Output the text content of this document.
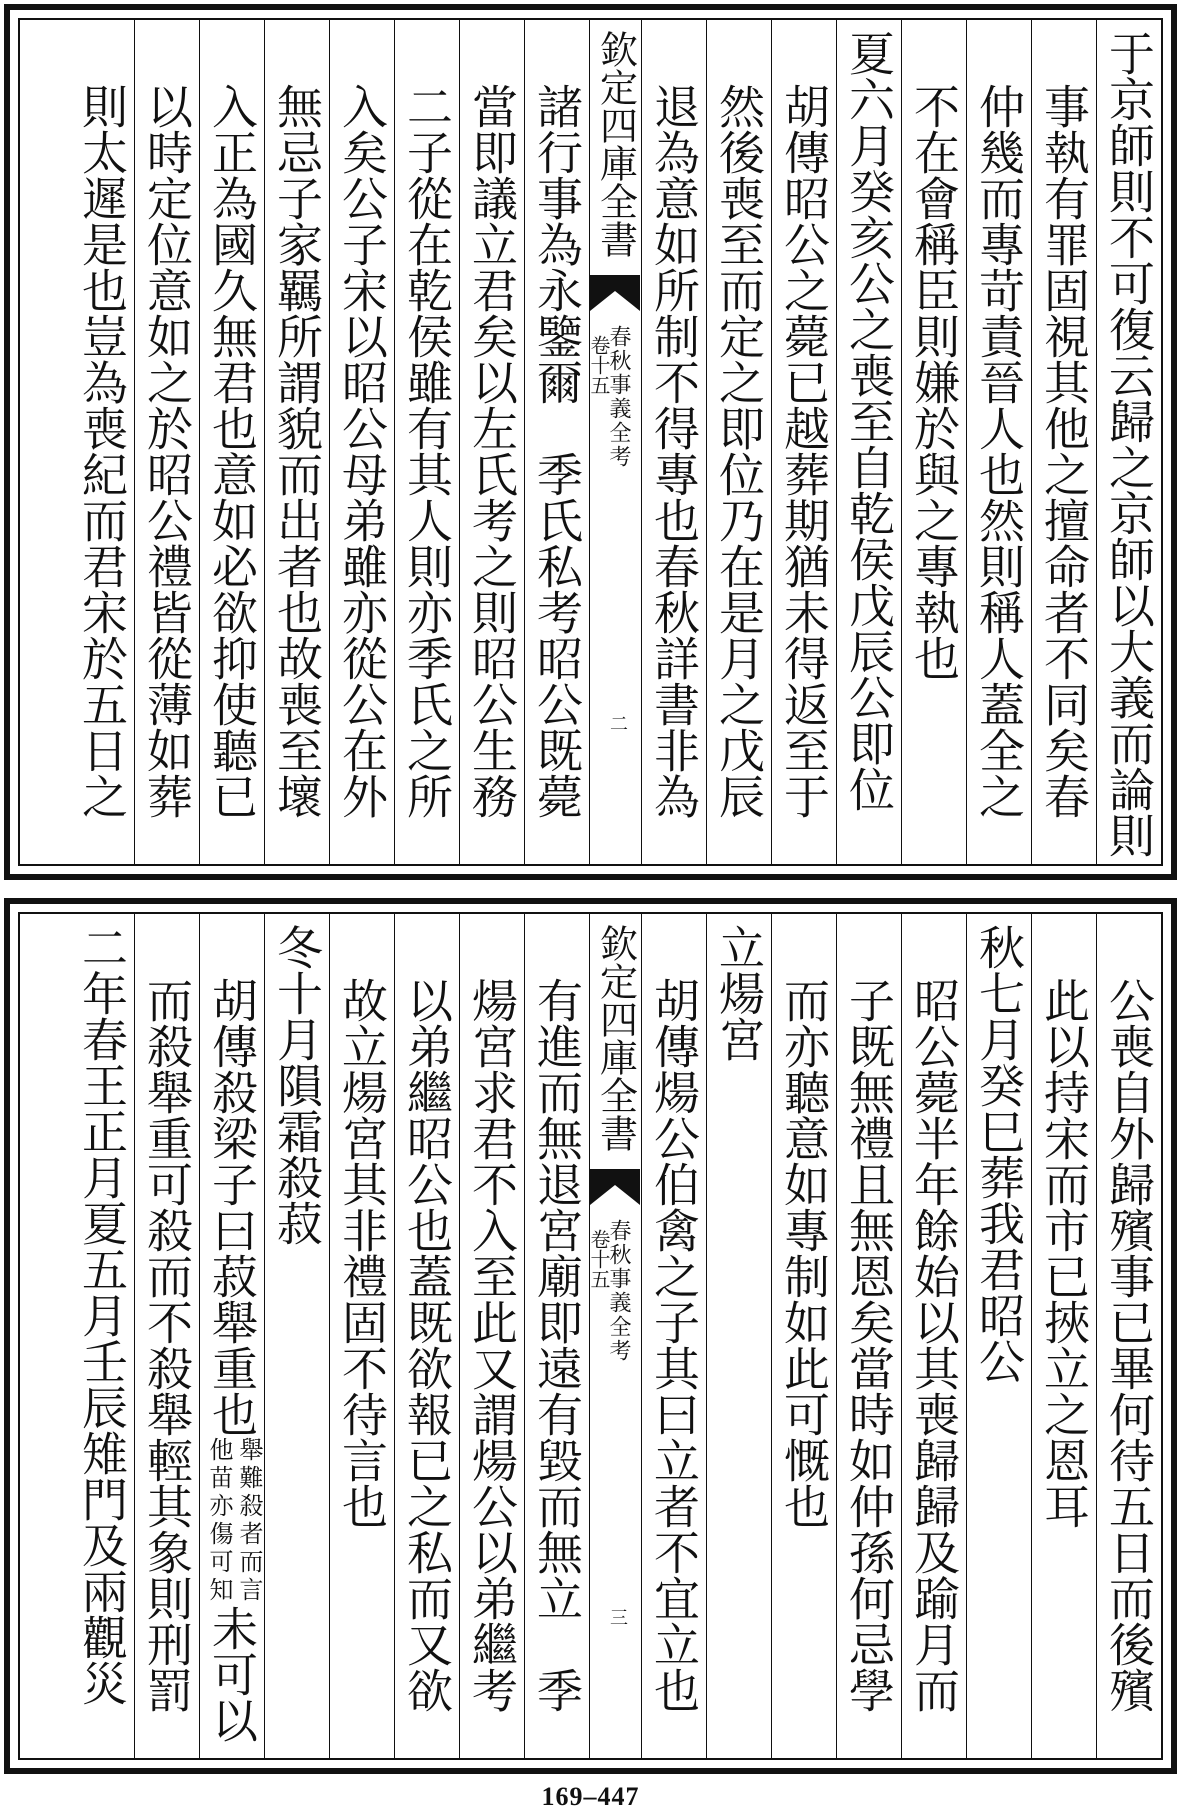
于京師則不可復云歸之京師以大義而論則
事執有罪固視其他之擅命者不同矣春
仲幾而專苛責晉人也然則稱人蓋全之
不在會稱臣則嫌於與之專執也
夏六月癸亥公之喪至自乾侯戊辰公即位
胡傳昭公之薨已越葬期猶未得返至于
然後喪至而定之即位乃在是月之戊辰
退為意如所制不得專也春秋詳書非為
欽定四庫全書
春秋事義全考
卷十五
二
諸行事為永鑒爾　季氏私考昭公既薨
當即議立君矣以左氏考之則昭公生務
二子從在乾侯雖有其人則亦季氏之所
入矣公子宋以昭公母弟雖亦從公在外
無忌子家羈所謂貌而出者也故喪至壞
入正為國久無君也意如必欲抑使聽已
以時定位意如之於昭公禮皆從薄如葬
則太遲是也豈為喪紀而君宋於五日之
公喪自外歸殯事已畢何待五日而後殯
此以持宋而市已挾立之恩耳
秋七月癸巳葬我君昭公
昭公薨半年餘始以其喪歸歸及踰月而
子既無禮且無恩矣當時如仲孫何忌學
而亦聽意如專制如此可慨也
立煬宮
胡傳煬公伯禽之子其曰立者不宜立也
欽定四庫全書
春秋事義全考
卷十五
三
有進而無退宮廟即遠有毀而無立　季
煬宮求君不入至此又謂煬公以弟繼考
以弟繼昭公也蓋既欲報已之私而又欲
故立煬宮其非禮固不待言也
冬十月隕霜殺菽
胡傳殺梁子曰菽舉重也舉難殺者而言
他苗亦傷可知未可以
而殺舉重可殺而不殺舉輕其象則刑罰
二年春王正月夏五月壬辰雉門及兩觀災
169–447
